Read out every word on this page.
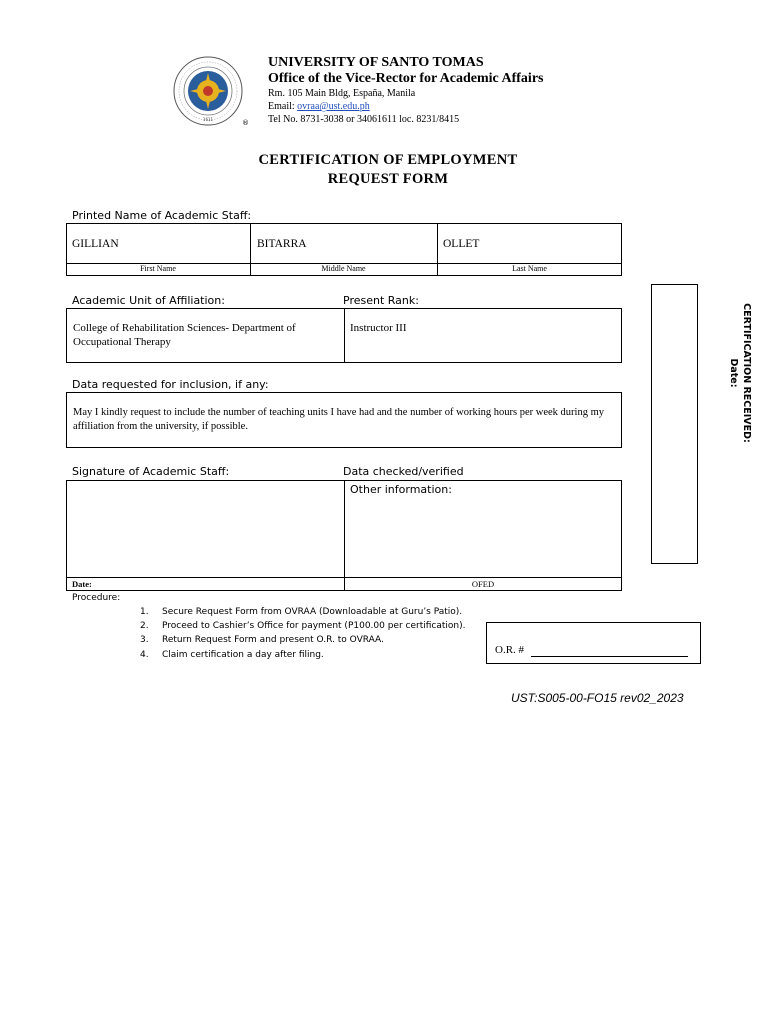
1611	®
UNIVERSITY OF SANTO TOMAS
Office of the Vice-Rector for Academic Affairs
Rm. 105 Main Bldg, España, Manila
Email: ovraa@ust.edu.ph
Tel No. 8731-3038 or 34061611 loc. 8231/8415
CERTIFICATION OF EMPLOYMENT
REQUEST FORM
Printed Name of Academic Staff:
GILLIAN	BITARRA	OLLET
First Name	Middle Name	Last Name
Academic Unit of Affiliation:	Present Rank:
College of Rehabilitation Sciences- Department of Occupational Therapy
Instructor III
Data requested for inclusion, if any:
May I kindly request to include the number of teaching units I have had and the number of working hours per week during my affiliation from the university, if possible.
Signature of Academic Staff:	Data checked/verified
Other information:
Date:	OFED
CERTIFICATION RECEIVED:
Date:
Procedure:
1. Secure Request Form from OVRAA (Downloadable at Guru’s Patio).
2. Proceed to Cashier’s Office for payment (P100.00 per certification).
3. Return Request Form and present O.R. to OVRAA.
4. Claim certification a day after filing.	O.R. #
UST:S005-00-FO15 rev02_2023
